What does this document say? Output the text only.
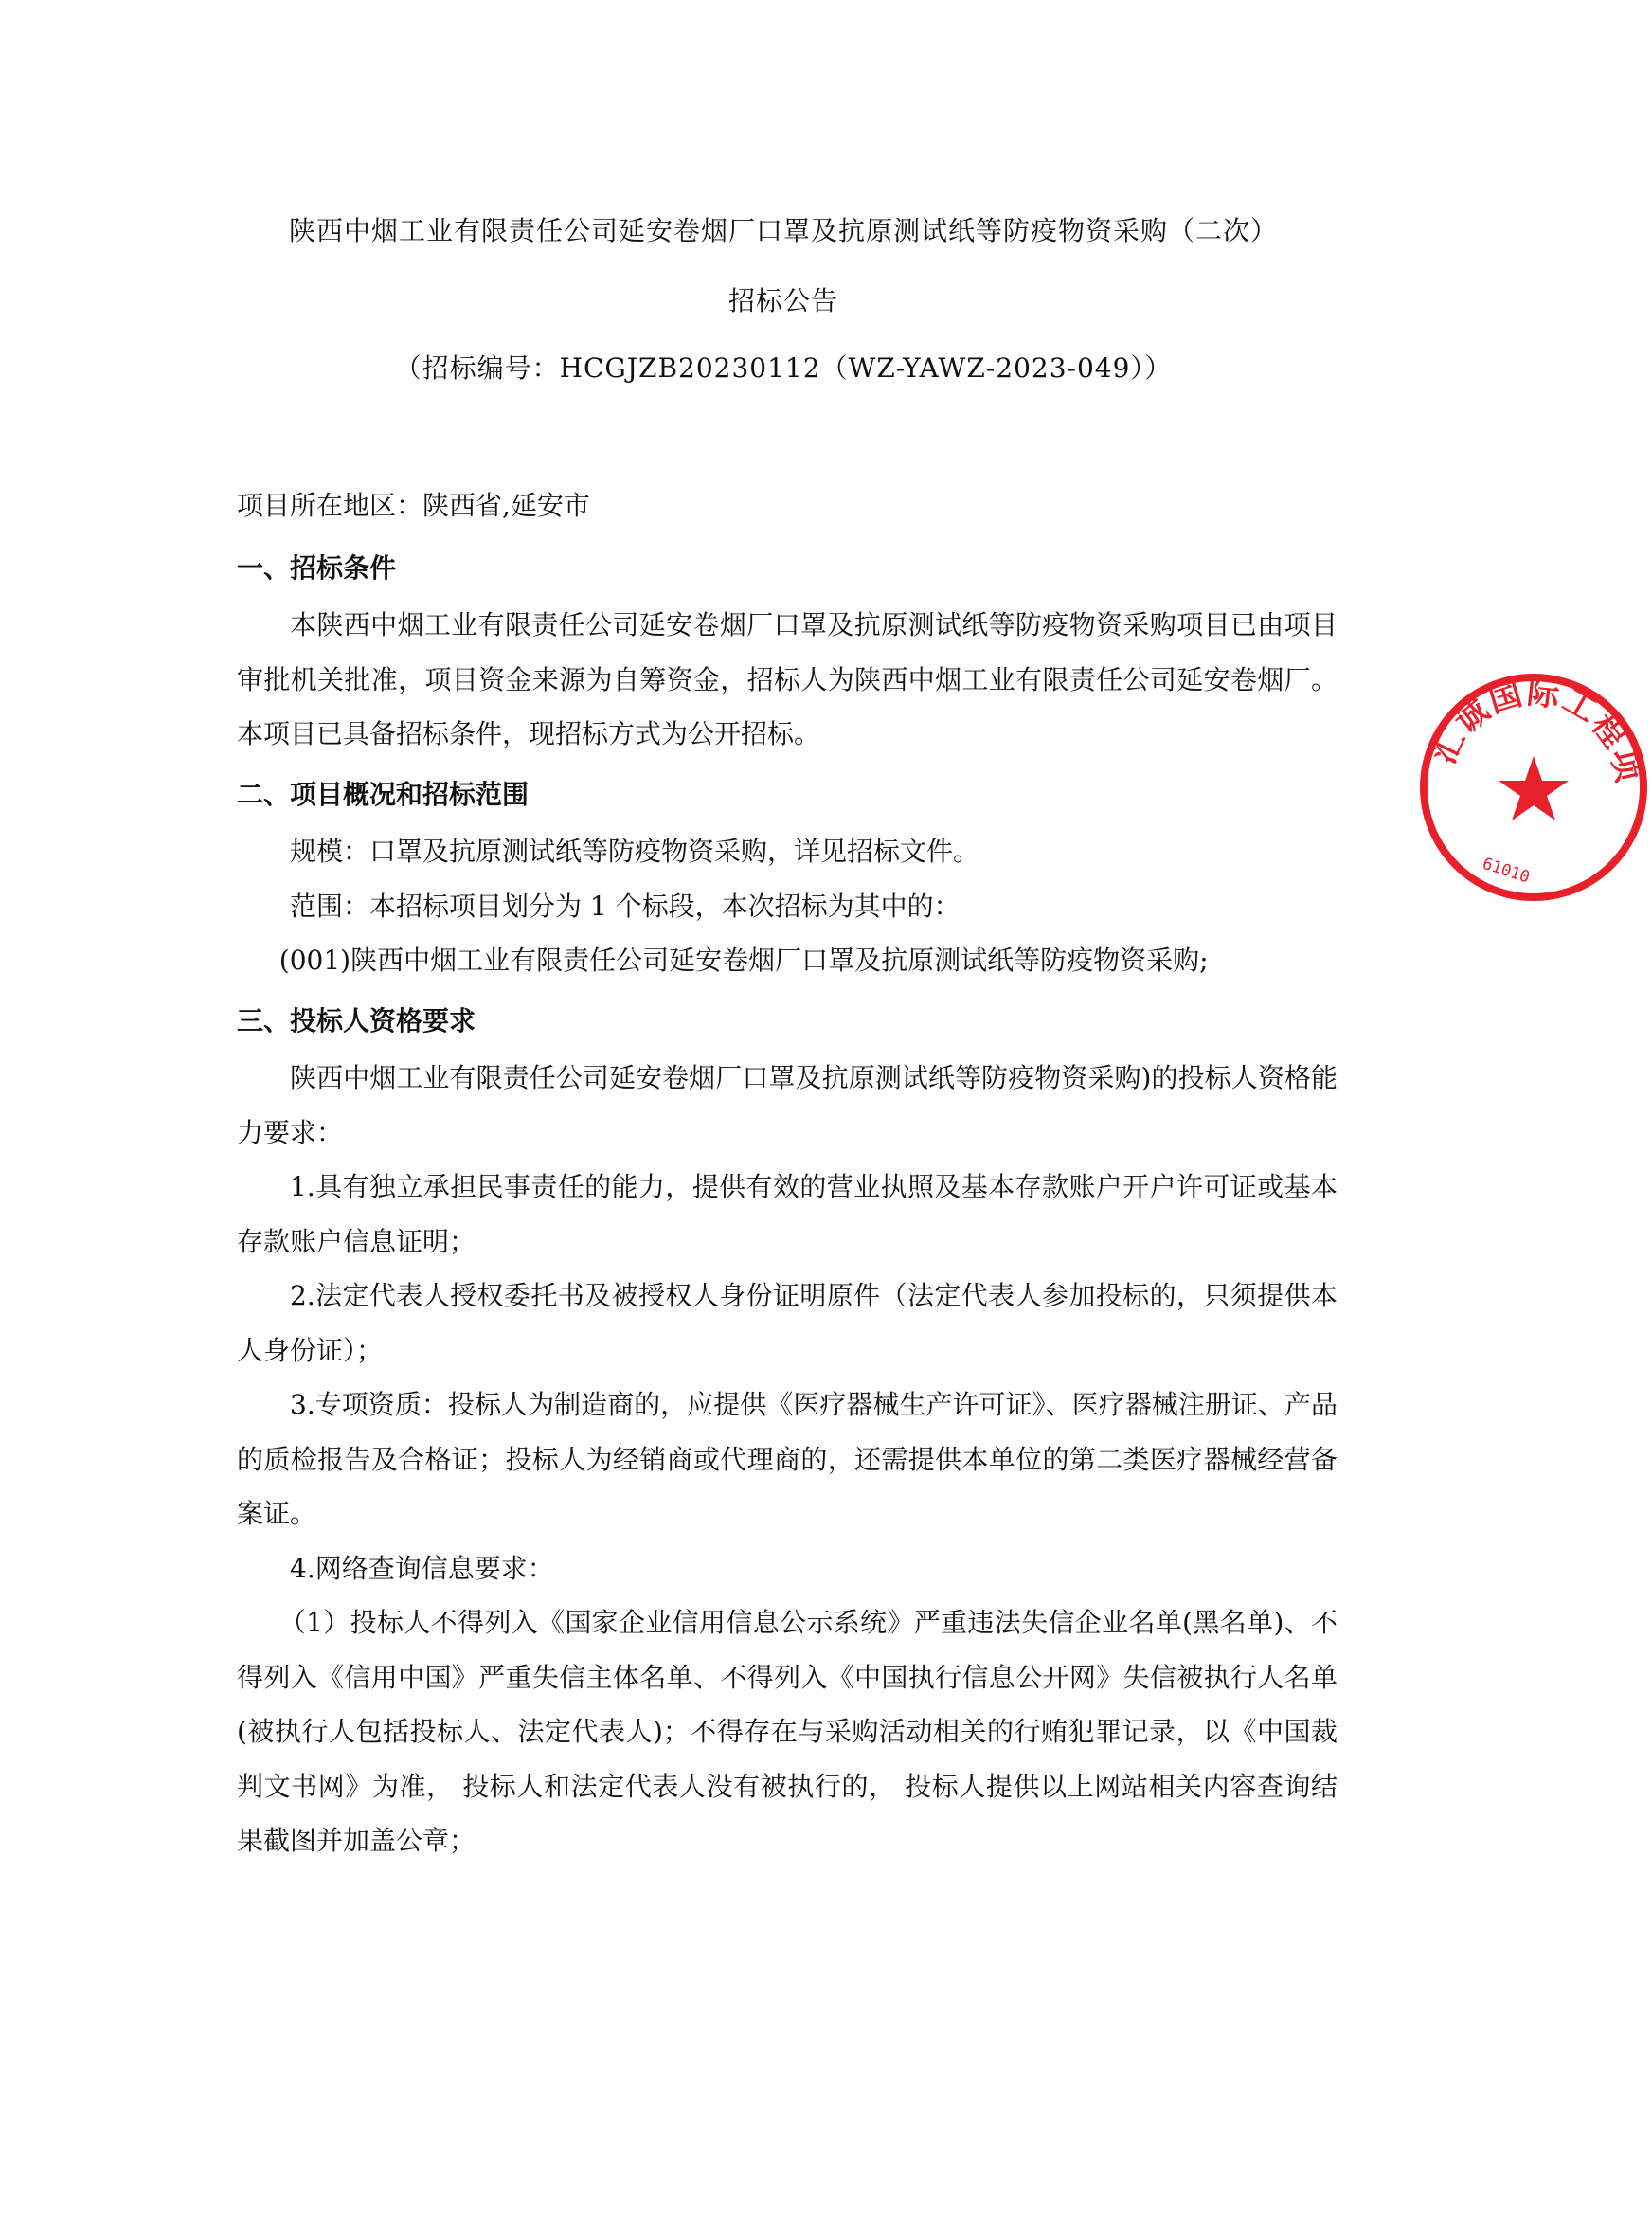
陕西中烟工业有限责任公司延安卷烟厂口罩及抗原测试纸等防疫物资采购（二次）
招标公告
（招标编号：HCGJZB20230112（WZ-YAWZ-2023-049））

项目所在地区：陕西省,延安市

一、招标条件

本陕西中烟工业有限责任公司延安卷烟厂口罩及抗原测试纸等防疫物资采购项目已由项目审批机关批准，项目资金来源为自筹资金，招标人为陕西中烟工业有限责任公司延安卷烟厂。本项目已具备招标条件，现招标方式为公开招标。

二、项目概况和招标范围

规模：口罩及抗原测试纸等防疫物资采购，详见招标文件。

范围：本招标项目划分为 1 个标段，本次招标为其中的：

(001)陕西中烟工业有限责任公司延安卷烟厂口罩及抗原测试纸等防疫物资采购;

三、投标人资格要求

陕西中烟工业有限责任公司延安卷烟厂口罩及抗原测试纸等防疫物资采购)的投标人资格能力要求：

1.具有独立承担民事责任的能力，提供有效的营业执照及基本存款账户开户许可证或基本存款账户信息证明；

2.法定代表人授权委托书及被授权人身份证明原件（法定代表人参加投标的，只须提供本人身份证）；

3.专项资质：投标人为制造商的，应提供《医疗器械生产许可证》、医疗器械注册证、产品的质检报告及合格证；投标人为经销商或代理商的，还需提供本单位的第二类医疗器械经营备案证。

4.网络查询信息要求：

（1）投标人不得列入《国家企业信用信息公示系统》严重违法失信企业名单(黑名单)、不得列入《信用中国》严重失信主体名单、不得列入《中国执行信息公开网》失信被执行人名单(被执行人包括投标人、法定代表人)；不得存在与采购活动相关的行贿犯罪记录，以《中国裁判文书网》为准， 投标人和法定代表人没有被执行的， 投标人提供以上网站相关内容查询结果截图并加盖公章；

汇诚国际工程项
61010
